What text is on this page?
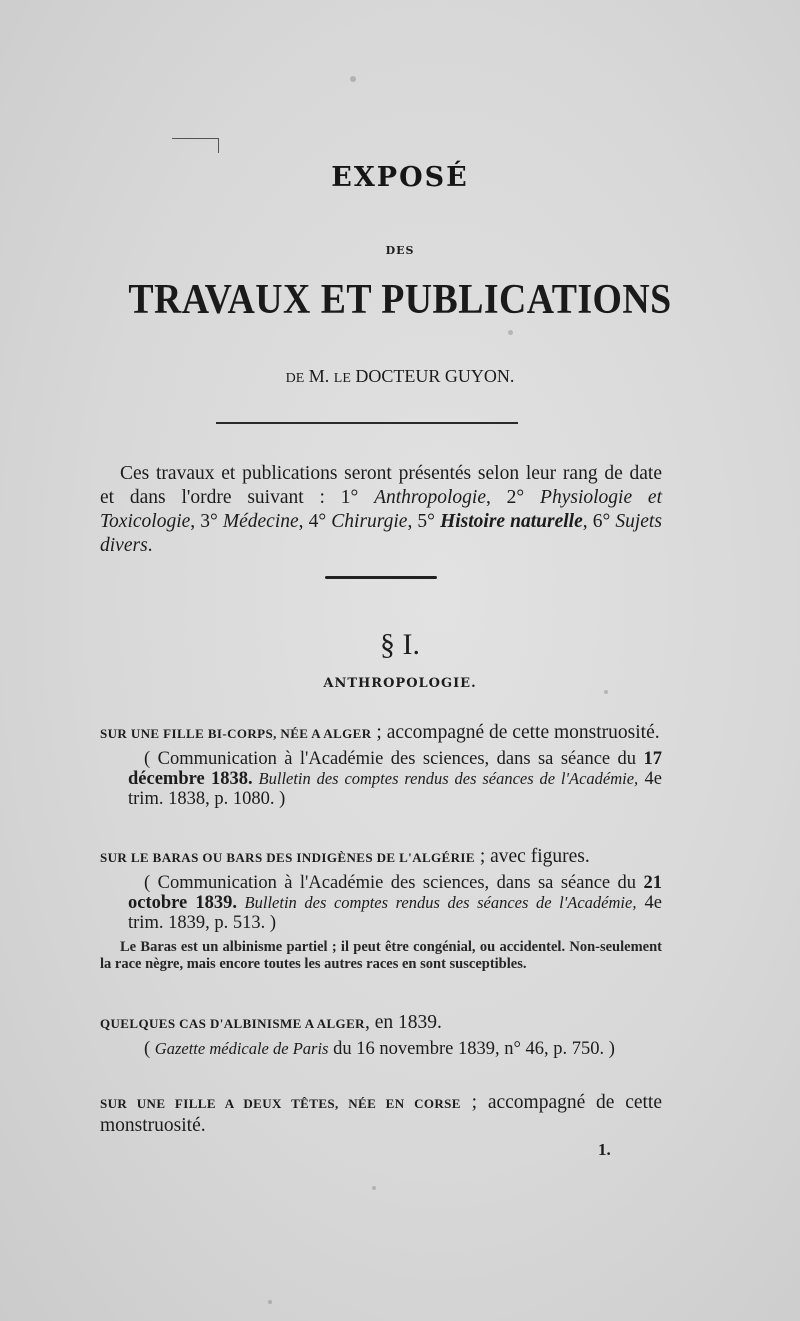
EXPOSÉ
DES
TRAVAUX ET PUBLICATIONS
DE M. LE DOCTEUR GUYON.
Ces travaux et publications seront présentés selon leur rang de date et dans l'ordre suivant : 1° Anthropologie, 2° Physiologie et Toxicologie, 3° Médecine, 4° Chirurgie, 5° Histoire naturelle, 6° Sujets divers.
§ I.
ANTHROPOLOGIE.
SUR UNE FILLE BI-CORPS, NÉE A ALGER ; accompagné de cette monstruosité.
( Communication à l'Académie des sciences, dans sa séance du 17 décembre 1838. Bulletin des comptes rendus des séances de l'Académie, 4e trim. 1838, p. 1080. )
SUR LE BARAS OU BARS DES INDIGÈNES DE L'ALGÉRIE ; avec figures.
( Communication à l'Académie des sciences, dans sa séance du 21 octobre 1839. Bulletin des comptes rendus des séances de l'Académie, 4e trim. 1839, p. 513. )
Le Baras est un albinisme partiel ; il peut être congénial, ou accidentel. Non-seulement la race nègre, mais encore toutes les autres races en sont susceptibles.
QUELQUES CAS D'ALBINISME A ALGER, en 1839.
( Gazette médicale de Paris du 16 novembre 1839, n° 46, p. 750. )
SUR UNE FILLE A DEUX TÊTES, NÉE EN CORSE ; accompagné de cette monstruosité.
1.
